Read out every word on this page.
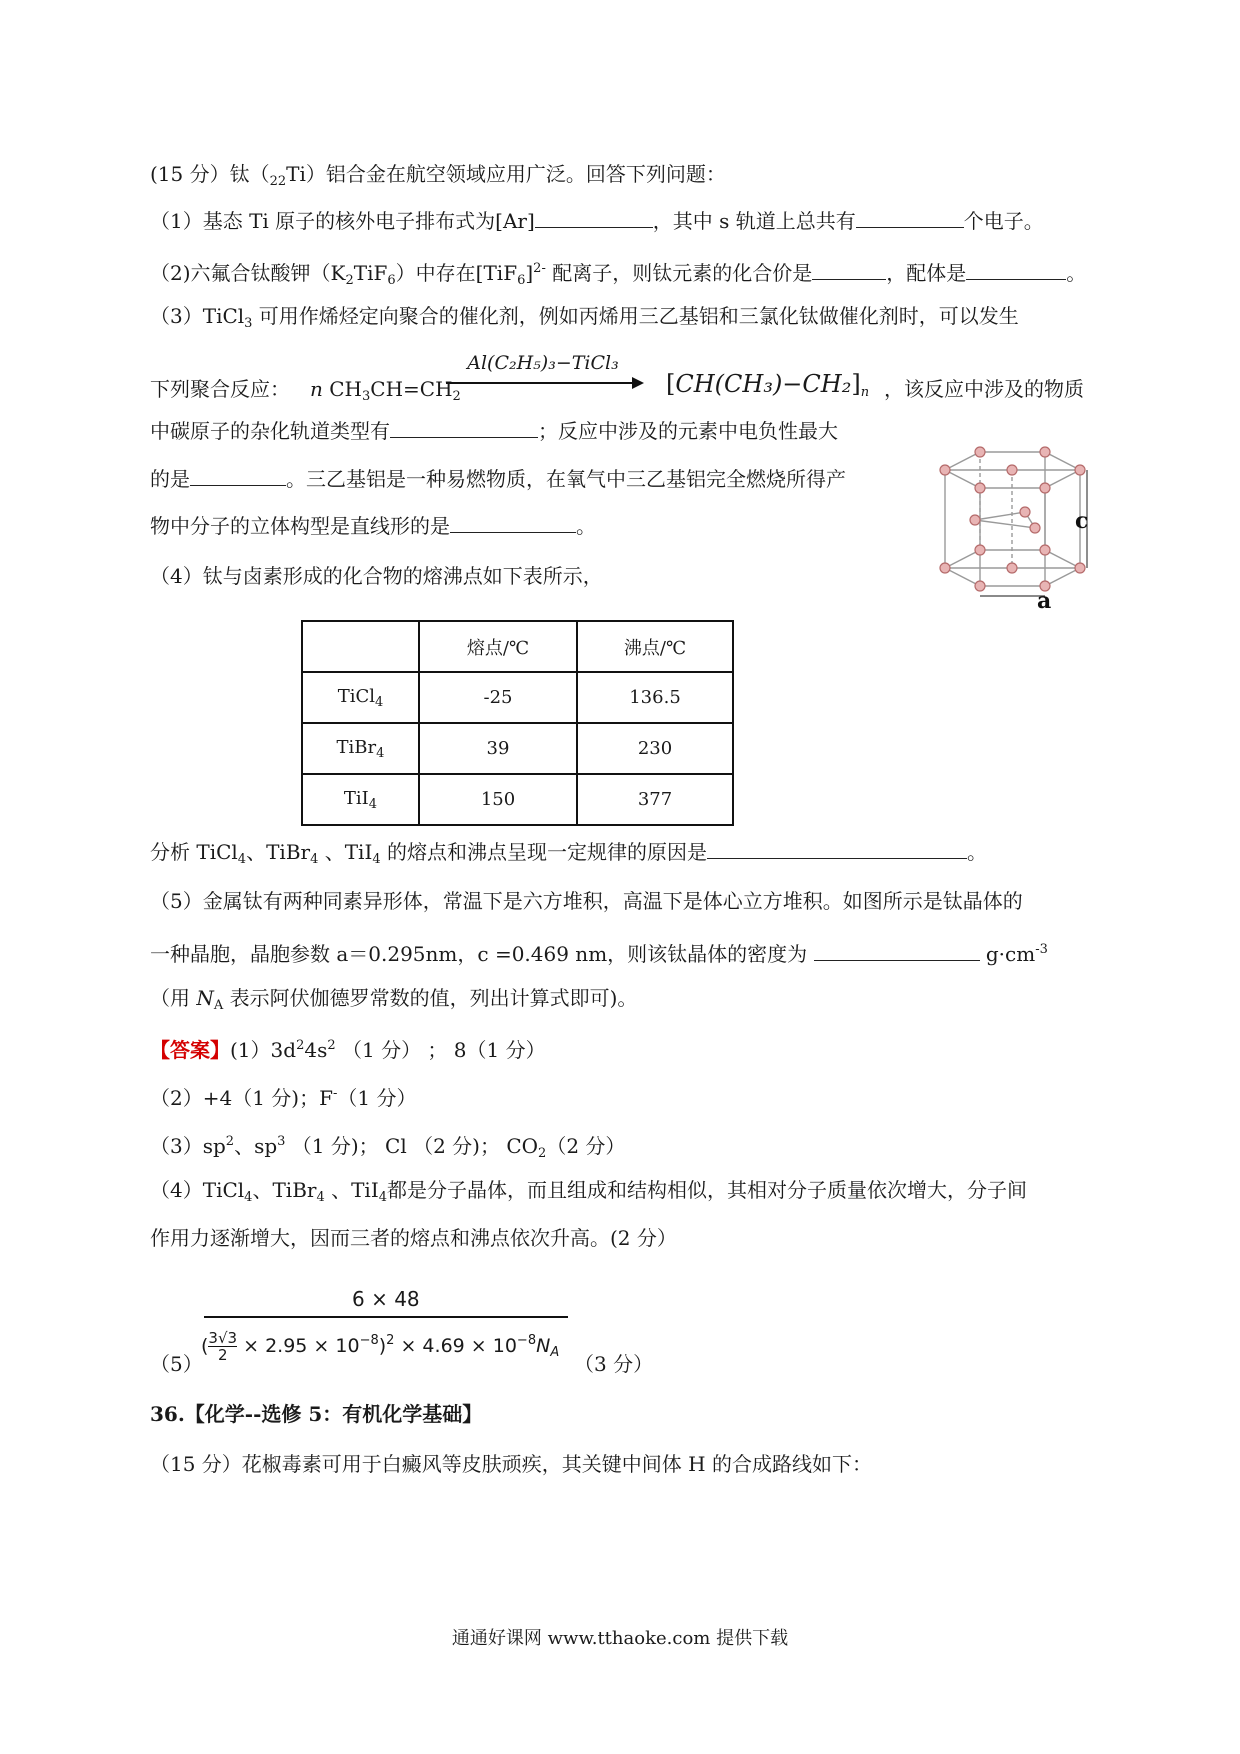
(15 分）钛$(_{22}Ti)$铝合金在航空领域应用广泛。回答下列问题：
（1）基态 Ti 原子的核外电子排布式为[Ar]	，其中 s 轨道上总共有	个电子。
（2)六氟合钛酸钾$(K_2TiF_6)$中存在$[TiF_6]^{2-}$ 配离子，则钛元素的化合价是	，配体是	。
（3）TiCl$_3$ 可用作烯烃定向聚合的催化剂，例如丙烯用三乙基铝和三氯化钛做催化剂时，可以发生
下列聚合反应： n $CH_3CH=CH_2$
Al(C₂H₅)₃−TiCl₃
$[CH(CH_3)-CH_2]_n$ ，该反应中涉及的物质
中碳原子的杂化轨道类型有	；反应中涉及的元素中电负性最大
的是	。三乙基铝是一种易燃物质，在氧气中三乙基铝完全燃烧所得产
物中分子的立体构型是直线形的是	。	c
a
（4）钛与卤素形成的化合物的熔沸点如下表所示，
	熔点/℃	沸点/℃
TiCl$_4$	-25	136.5
TiBr$_4$	39	230
TiI$_4$	150	377
分析 TiCl$_4$、TiBr$_4$ 、TiI$_4$ 的熔点和沸点呈现一定规律的原因是	。
（5）金属钛有两种同素异形体，常温下是六方堆积，高温下是体心立方堆积。如图所示是钛晶体的
一种晶胞，晶胞参数 a＝0.295nm，c =0.469 nm，则该钛晶体的密度为	$g\cdot cm^{-3}$
（用 $N_A$ 表示阿伏伽德罗常数的值，列出计算式即可)。
【答案】$(1)3d^24s^2$ （1 分） ； 8（1 分）
（2）+4（1 分)；F-（1 分）
$(3)sp^2$、$sp^3$ （1 分)； Cl （2 分)； $CO_2(2$ 分）
（4）TiCl$_4$、TiBr$_4$ 、TiI$_4$都是分子晶体，而且组成和结构相似，其相对分子质量依次增大，分子间
作用力逐渐增大，因而三者的熔点和沸点依次升高。(2 分）
6 × 48
( $\frac{3√3}{2} \times 2.95 \times 10^{-8})^2 \times 4.69 \times 10^{-8}N_A$
（5）	（3 分）
36.【化学--选修 5：有机化学基础】
（15 分）花椒毒素可用于白癜风等皮肤顽疾，其关键中间体 H 的合成路线如下：
通通好课网 www.tthaoke.com 提供下载
